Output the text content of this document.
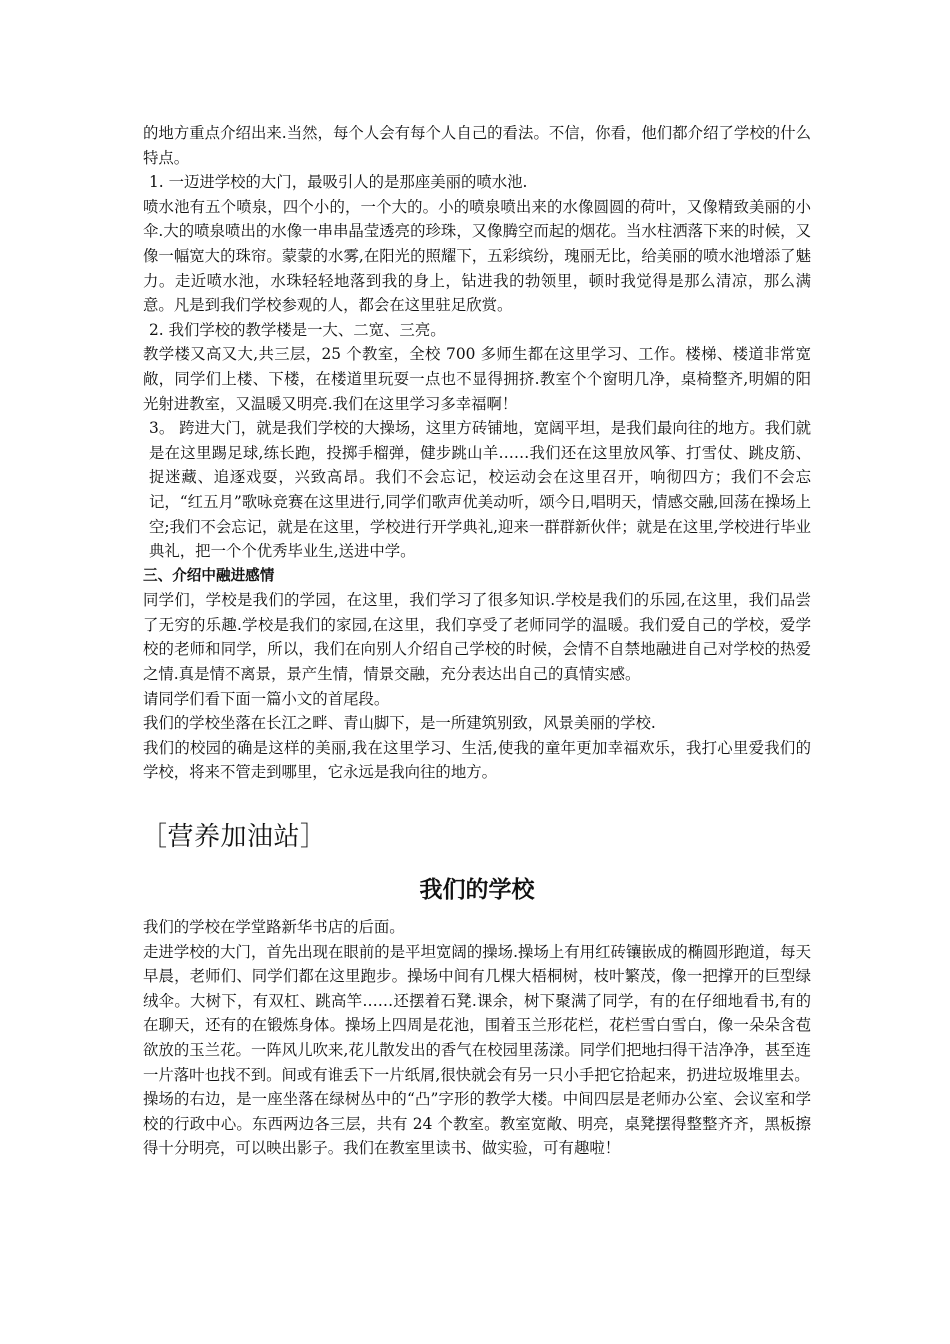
的地方重点介绍出来.当然，每个人会有每个人自己的看法。不信，你看，他们都介绍了学校的什么特点。

1. 一迈进学校的大门，最吸引人的是那座美丽的喷水池.

喷水池有五个喷泉，四个小的，一个大的。小的喷泉喷出来的水像圆圆的荷叶，又像精致美丽的小伞.大的喷泉喷出的水像一串串晶莹透亮的珍珠，又像腾空而起的烟花。当水柱洒落下来的时候，又像一幅宽大的珠帘。蒙蒙的水雾,在阳光的照耀下，五彩缤纷，瑰丽无比，给美丽的喷水池增添了魅力。走近喷水池，水珠轻轻地落到我的身上，钻进我的勃领里，顿时我觉得是那么清凉，那么满意。凡是到我们学校参观的人，都会在这里驻足欣赏。

2. 我们学校的教学楼是一大、二宽、三亮。

教学楼又高又大,共三层，25 个教室，全校 700 多师生都在这里学习、工作。楼梯、楼道非常宽敞，同学们上楼、下楼，在楼道里玩耍一点也不显得拥挤.教室个个窗明几净，桌椅整齐,明媚的阳光射进教室，又温暖又明亮.我们在这里学习多幸福啊！

3。 跨进大门，就是我们学校的大操场，这里方砖铺地，宽阔平坦，是我们最向往的地方。我们就是在这里踢足球,练长跑，投掷手榴弹，健步跳山羊……我们还在这里放风筝、打雪仗、跳皮筋、捉迷藏、追逐戏耍，兴致高昂。我们不会忘记，校运动会在这里召开，响彻四方；我们不会忘记，“红五月”歌咏竞赛在这里进行,同学们歌声优美动听，颂今日,唱明天，情感交融,回荡在操场上空;我们不会忘记，就是在这里，学校进行开学典礼,迎来一群群新伙伴；就是在这里,学校进行毕业典礼，把一个个优秀毕业生,送进中学。

三、介绍中融进感情

同学们，学校是我们的学园，在这里，我们学习了很多知识.学校是我们的乐园,在这里，我们品尝了无穷的乐趣.学校是我们的家园,在这里，我们享受了老师同学的温暖。我们爱自己的学校，爱学校的老师和同学，所以，我们在向别人介绍自己学校的时候，会情不自禁地融进自己对学校的热爱之情.真是情不离景，景产生情，情景交融，充分表达出自己的真情实感。

请同学们看下面一篇小文的首尾段。

我们的学校坐落在长江之畔、青山脚下，是一所建筑别致，风景美丽的学校.

我们的校园的确是这样的美丽,我在这里学习、生活,使我的童年更加幸福欢乐，我打心里爱我们的学校，将来不管走到哪里，它永远是我向往的地方。

［营养加油站］
我们的学校

我们的学校在学堂路新华书店的后面。

走进学校的大门，首先出现在眼前的是平坦宽阔的操场.操场上有用红砖镶嵌成的椭圆形跑道，每天早晨，老师们、同学们都在这里跑步。操场中间有几棵大梧桐树，枝叶繁茂，像一把撑开的巨型绿绒伞。大树下，有双杠、跳高竿……还摆着石凳.课余，树下聚满了同学，有的在仔细地看书,有的在聊天，还有的在锻炼身体。操场上四周是花池，围着玉兰形花栏，花栏雪白雪白，像一朵朵含苞欲放的玉兰花。一阵风儿吹来,花儿散发出的香气在校园里荡漾。同学们把地扫得干洁净净，甚至连一片落叶也找不到。间或有谁丢下一片纸屑,很快就会有另一只小手把它拾起来，扔进垃圾堆里去。

操场的右边，是一座坐落在绿树丛中的“凸”字形的教学大楼。中间四层是老师办公室、会议室和学校的行政中心。东西两边各三层，共有 24 个教室。教室宽敞、明亮，桌凳摆得整整齐齐，黑板擦得十分明亮，可以映出影子。我们在教室里读书、做实验，可有趣啦！
